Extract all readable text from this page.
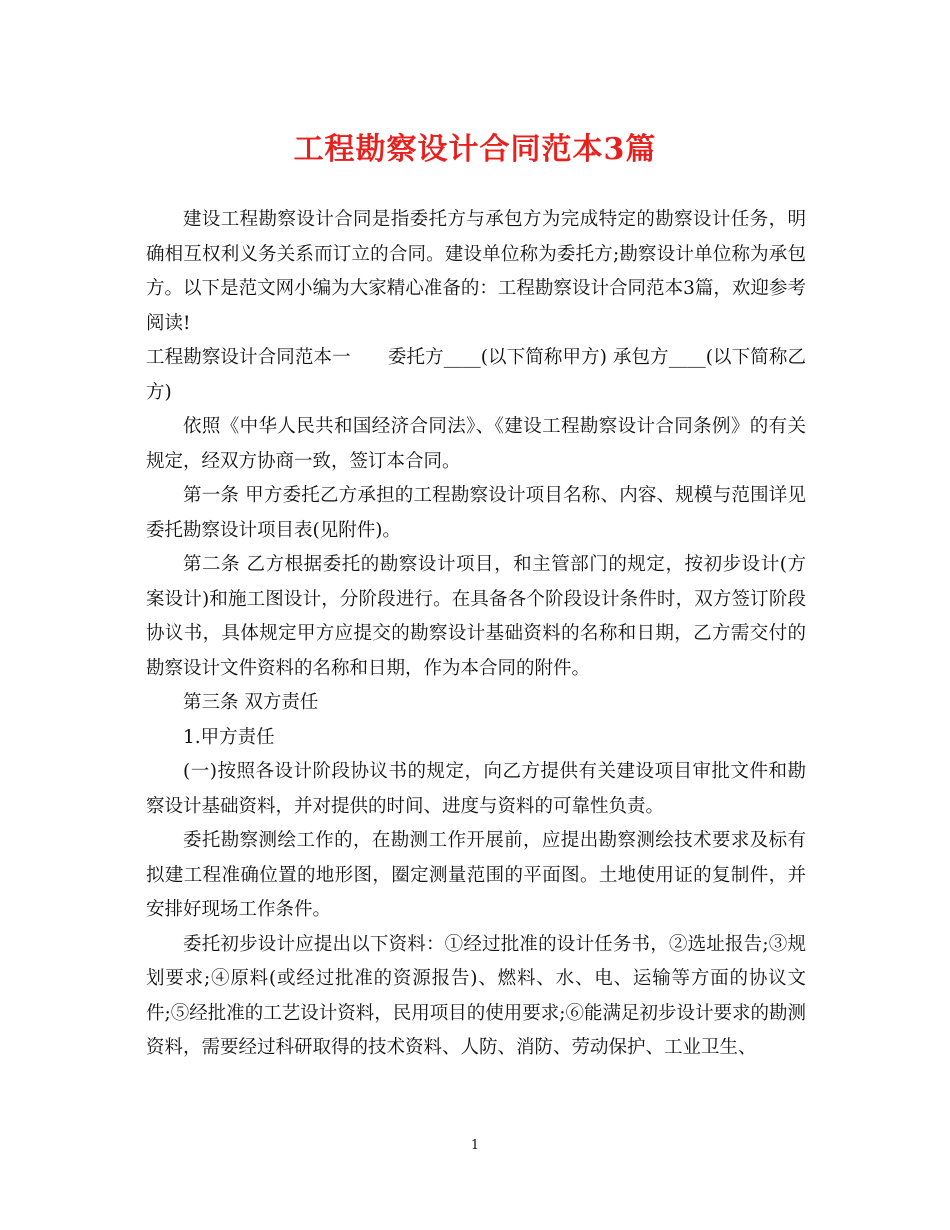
工程勘察设计合同范本3篇

建设工程勘察设计合同是指委托方与承包方为完成特定的勘察设计任务，明确相互权利义务关系而订立的合同。建设单位称为委托方;勘察设计单位称为承包方。以下是范文网小编为大家精心准备的：工程勘察设计合同范本3篇，欢迎参考阅读!

工程勘察设计合同范本一　　委托方____(以下简称甲方) 承包方____(以下简称乙方)

依照《中华人民共和国经济合同法》、《建设工程勘察设计合同条例》的有关规定，经双方协商一致，签订本合同。

第一条 甲方委托乙方承担的工程勘察设计项目名称、内容、规模与范围详见委托勘察设计项目表(见附件)。

第二条 乙方根据委托的勘察设计项目，和主管部门的规定，按初步设计(方案设计)和施工图设计，分阶段进行。在具备各个阶段设计条件时，双方签订阶段协议书，具体规定甲方应提交的勘察设计基础资料的名称和日期，乙方需交付的勘察设计文件资料的名称和日期，作为本合同的附件。

第三条 双方责任

1.甲方责任

(一)按照各设计阶段协议书的规定，向乙方提供有关建设项目审批文件和勘察设计基础资料，并对提供的时间、进度与资料的可靠性负责。

委托勘察测绘工作的，在勘测工作开展前，应提出勘察测绘技术要求及标有拟建工程准确位置的地形图，圈定测量范围的平面图。土地使用证的复制件，并安排好现场工作条件。

委托初步设计应提出以下资料：①经过批准的设计任务书，②选址报告;③规划要求;④原料(或经过批准的资源报告)、燃料、水、电、运输等方面的协议文件;⑤经批准的工艺设计资料，民用项目的使用要求;⑥能满足初步设计要求的勘测资料，需要经过科研取得的技术资料、人防、消防、劳动保护、工业卫生、

1
